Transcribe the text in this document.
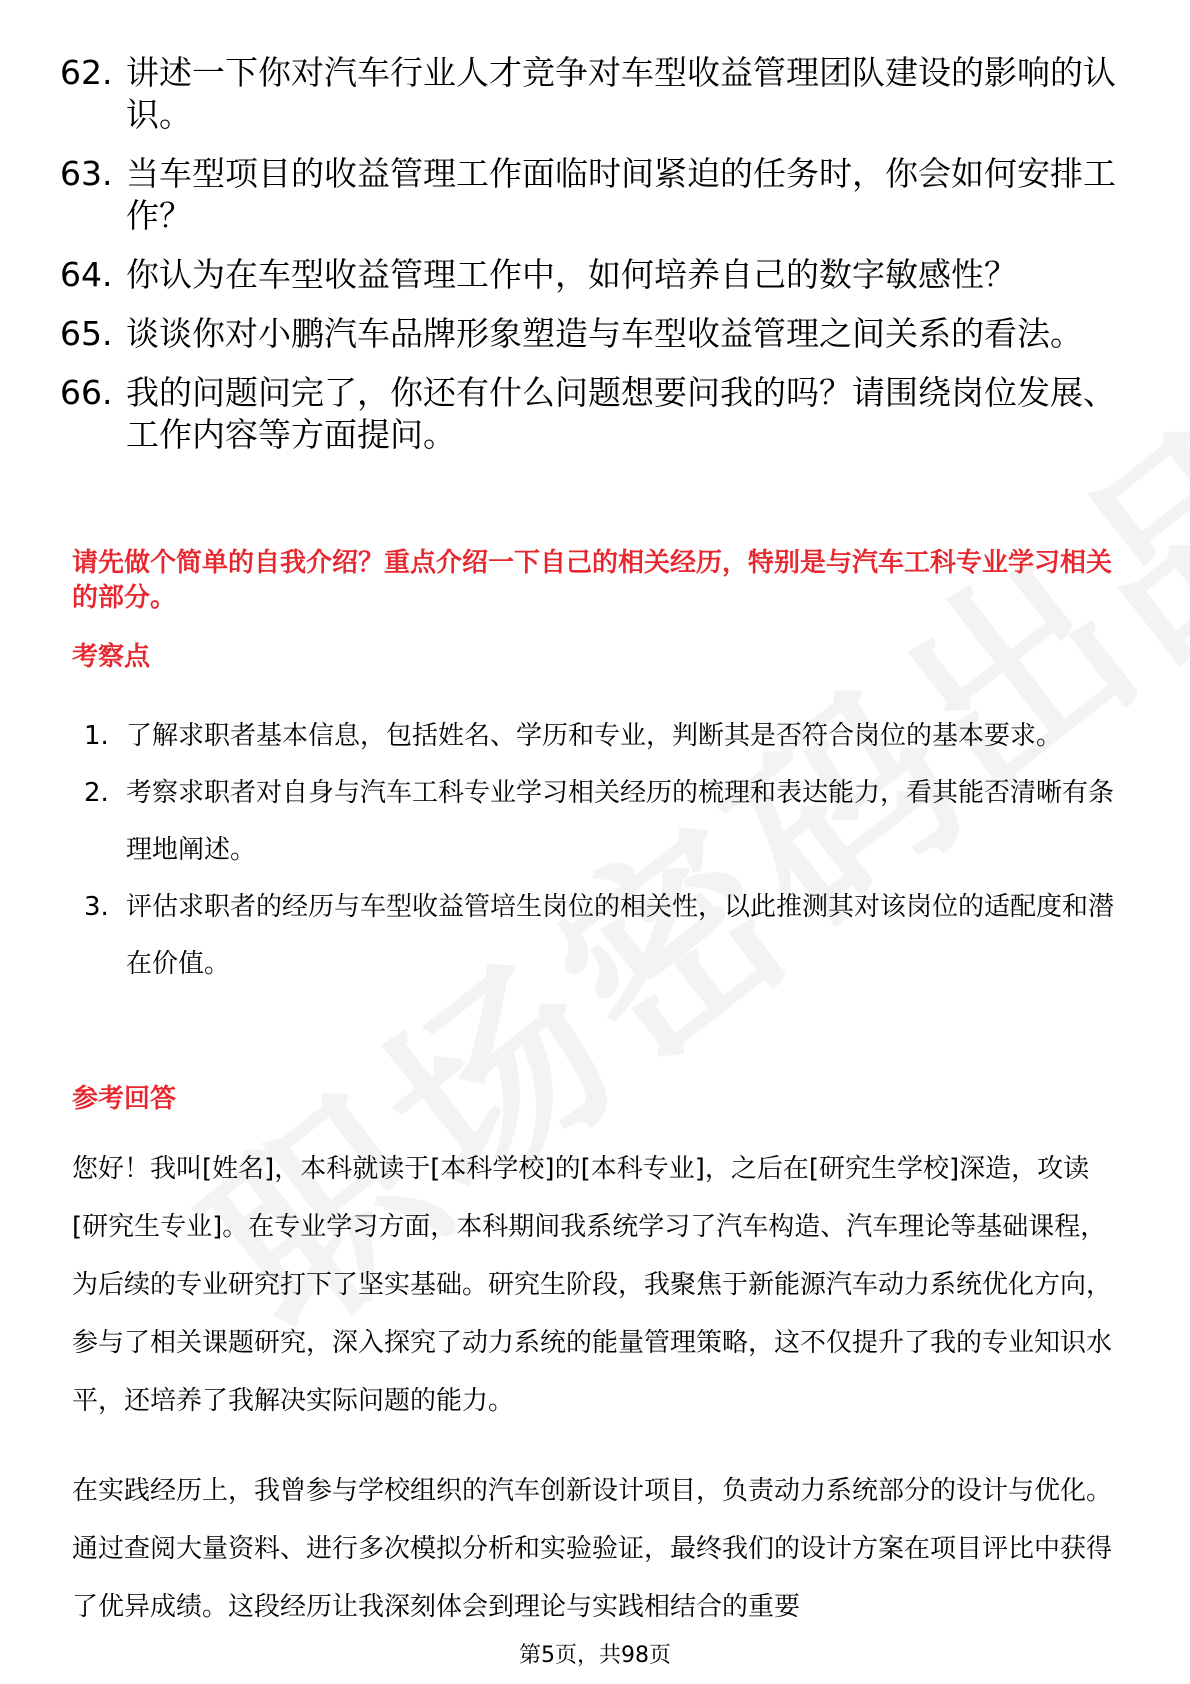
62. 讲述一下你对汽车行业人才竞争对车型收益管理团队建设的影响的认识。
63. 当车型项目的收益管理工作面临时间紧迫的任务时，你会如何安排工作？
64. 你认为在车型收益管理工作中，如何培养自己的数字敏感性？
65. 谈谈你对小鹏汽车品牌形象塑造与车型收益管理之间关系的看法。
66. 我的问题问完了，你还有什么问题想要问我的吗？请围绕岗位发展、工作内容等方面提问。
请先做个简单的自我介绍？重点介绍一下自己的相关经历，特别是与汽车工科专业学习相关的部分。
考察点
1. 了解求职者基本信息，包括姓名、学历和专业，判断其是否符合岗位的基本要求。
2. 考察求职者对自身与汽车工科专业学习相关经历的梳理和表达能力，看其能否清晰有条理地阐述。
3. 评估求职者的经历与车型收益管培生岗位的相关性，以此推测其对该岗位的适配度和潜在价值。
参考回答

您好！我叫[姓名]，本科就读于[本科学校]的[本科专业]，之后在[研究生学校]深造，攻读[研究生专业]。在专业学习方面，本科期间我系统学习了汽车构造、汽车理论等基础课程，为后续的专业研究打下了坚实基础。研究生阶段，我聚焦于新能源汽车动力系统优化方向，参与了相关课题研究，深入探究了动力系统的能量管理策略，这不仅提升了我的专业知识水平，还培养了我解决实际问题的能力。

在实践经历上，我曾参与学校组织的汽车创新设计项目，负责动力系统部分的设计与优化。通过查阅大量资料、进行多次模拟分析和实验验证，最终我们的设计方案在项目评比中获得了优异成绩。这段经历让我深刻体会到理论与实践相结合的重要

第5页，共98页
